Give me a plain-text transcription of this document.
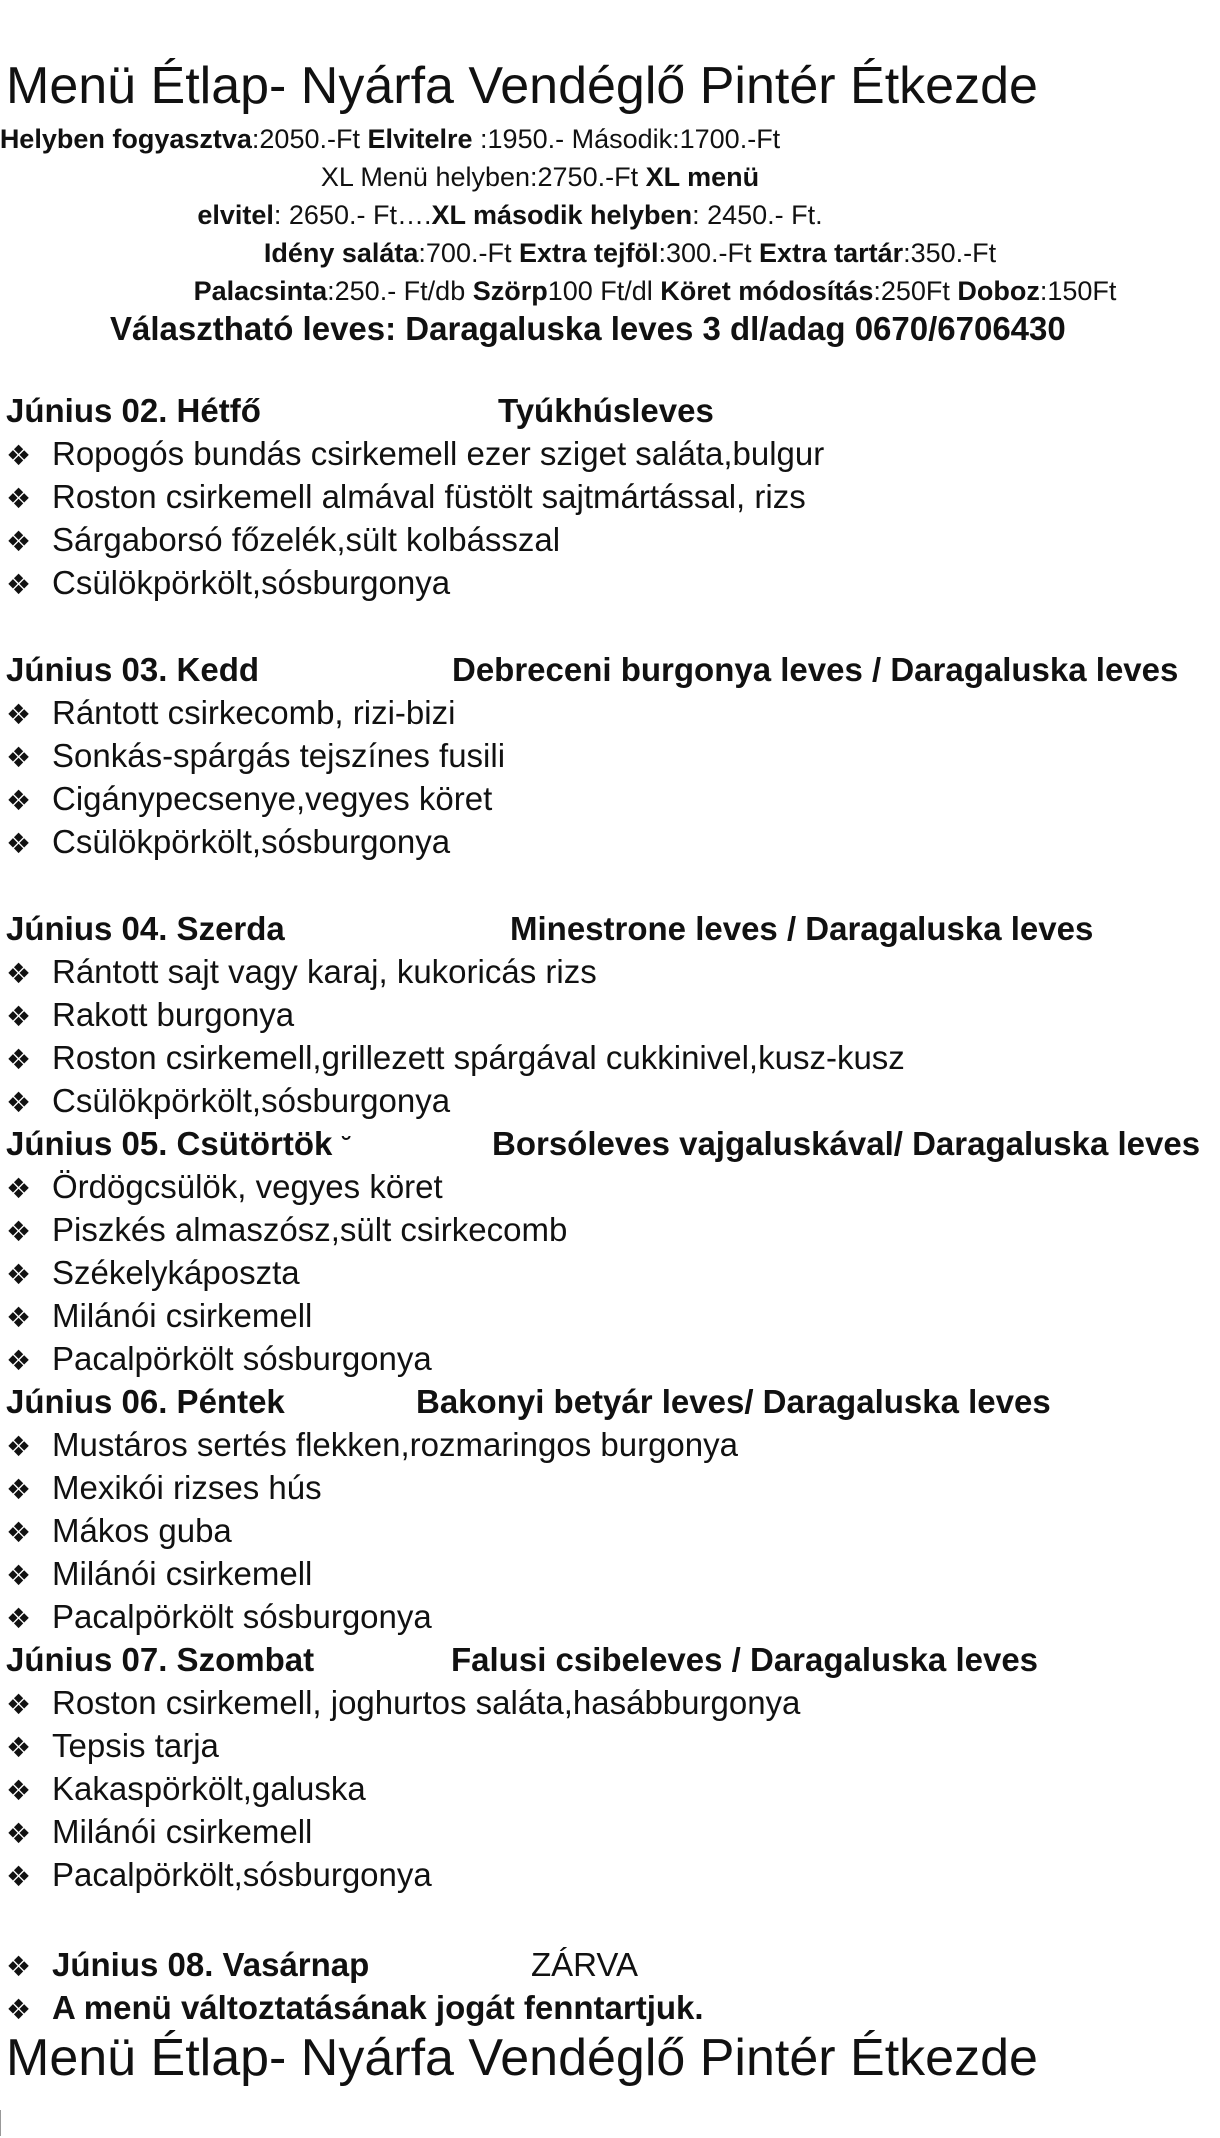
Menü Étlap- Nyárfa Vendéglő Pintér Étkezde
Helyben fogyasztva:2050.-Ft Elvitelre :1950.- Második:1700.-Ft
XL Menü helyben:2750.-Ft XL menü
elvitel: 2650.- Ft….XL második helyben: 2450.- Ft.
Idény saláta:700.-Ft Extra tejföl:300.-Ft Extra tartár:350.-Ft
Palacsinta:250.- Ft/db Szörp100 Ft/dl Köret módosítás:250Ft Doboz:150Ft
Választható leves: Daragaluska leves 3 dl/adag 0670/6706430
Június 02. Hétfő	Tyúkhúsleves
❖ Ropogós bundás csirkemell ezer sziget saláta,bulgur
❖ Roston csirkemell almával füstölt sajtmártással, rizs
❖ Sárgaborsó főzelék,sült kolbásszal
❖ Csülökpörkölt,sósburgonya
Június 03. Kedd	Debreceni burgonya leves / Daragaluska leves
❖ Rántott csirkecomb, rizi-bizi
❖ Sonkás-spárgás tejszínes fusili
❖ Cigánypecsenye,vegyes köret
❖ Csülökpörkölt,sósburgonya
Június 04. Szerda	Minestrone leves / Daragaluska leves
❖ Rántott sajt vagy karaj, kukoricás rizs
❖ Rakott burgonya
❖ Roston csirkemell,grillezett spárgával cukkinivel,kusz-kusz
❖ Csülökpörkölt,sósburgonya
Június 05. Csütörtök ˘	Borsóleves vajgaluskával/ Daragaluska leves
❖ Ördögcsülök, vegyes köret
❖ Piszkés almaszósz,sült csirkecomb
❖ Székelykáposzta
❖ Milánói csirkemell
❖ Pacalpörkölt sósburgonya
Június 06. Péntek	Bakonyi betyár leves/ Daragaluska leves
❖ Mustáros sertés flekken,rozmaringos burgonya
❖ Mexikói rizses hús
❖ Mákos guba
❖ Milánói csirkemell
❖ Pacalpörkölt sósburgonya
Június 07. Szombat	Falusi csibeleves / Daragaluska leves
❖ Roston csirkemell, joghurtos saláta,hasábburgonya
❖ Tepsis tarja
❖ Kakaspörkölt,galuska
❖ Milánói csirkemell
❖ Pacalpörkölt,sósburgonya
❖ Június 08. Vasárnap	ZÁRVA
❖ A menü változtatásának jogát fenntartjuk.
Menü Étlap- Nyárfa Vendéglő Pintér Étkezde
